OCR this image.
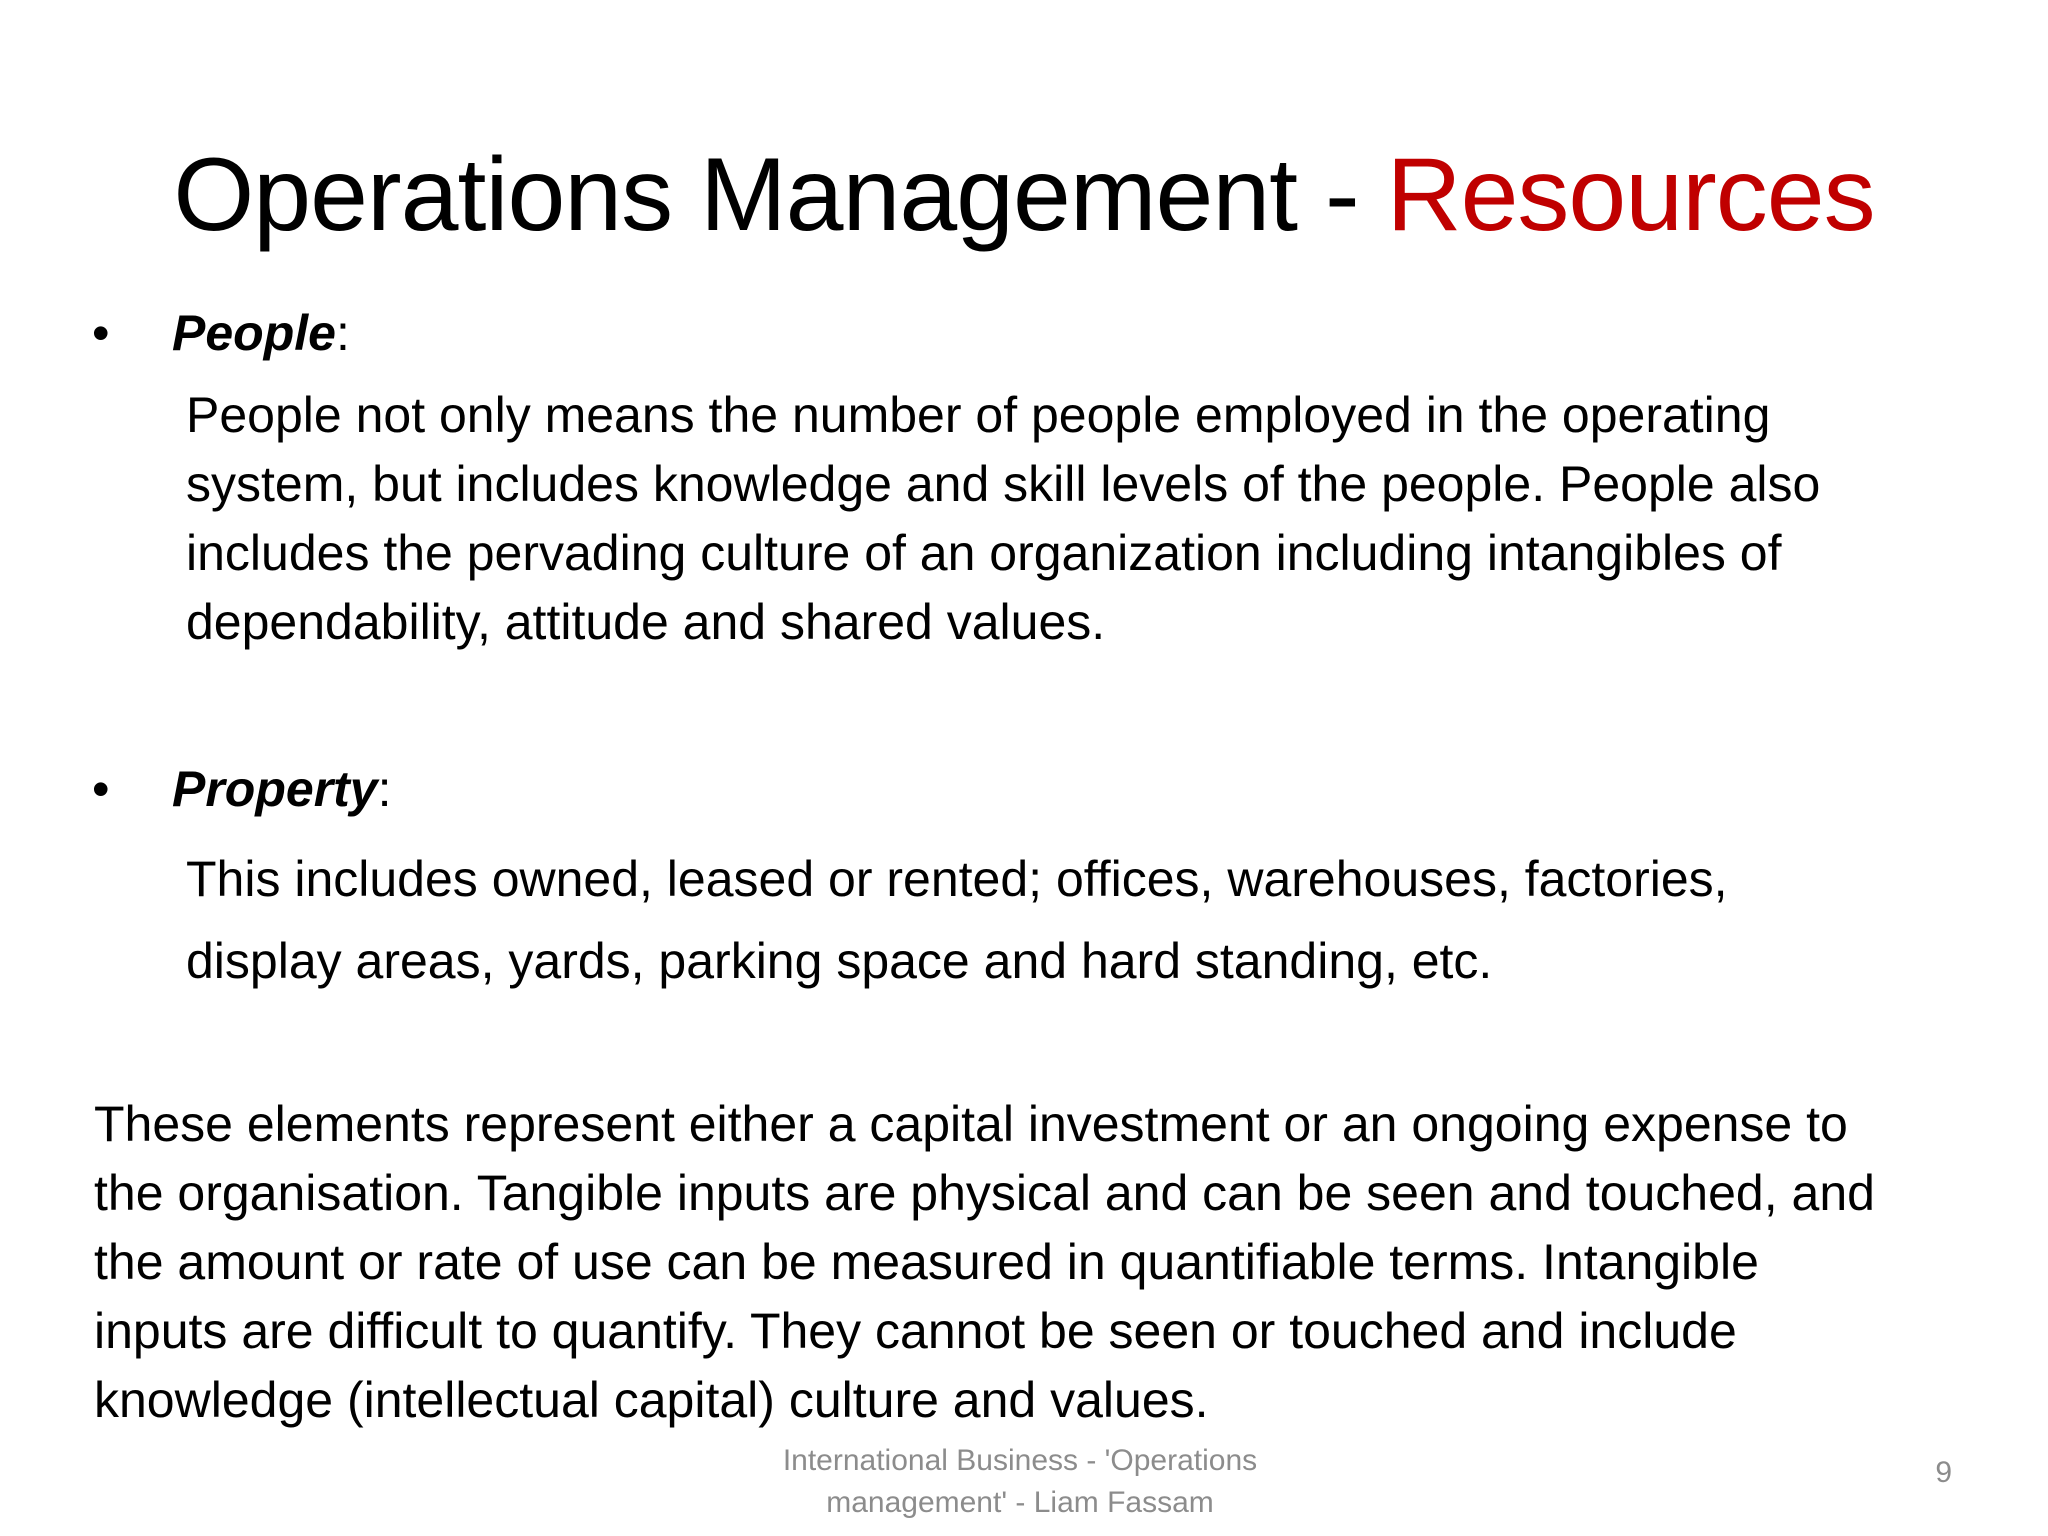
Operations Management - Resources
• People:
People not only means the number of people employed in the operating
system, but includes knowledge and skill levels of the people. People also
includes the pervading culture of an organization including intangibles of
dependability, attitude and shared values.
• Property:
This includes owned, leased or rented; offices, warehouses, factories,
display areas, yards, parking space and hard standing, etc.
These elements represent either a capital investment or an ongoing expense to
the organisation. Tangible inputs are physical and can be seen and touched, and
the amount or rate of use can be measured in quantifiable terms. Intangible
inputs are difficult to quantify. They cannot be seen or touched and include
knowledge (intellectual capital) culture and values.
International Business - 'Operations
management' - Liam Fassam
9
